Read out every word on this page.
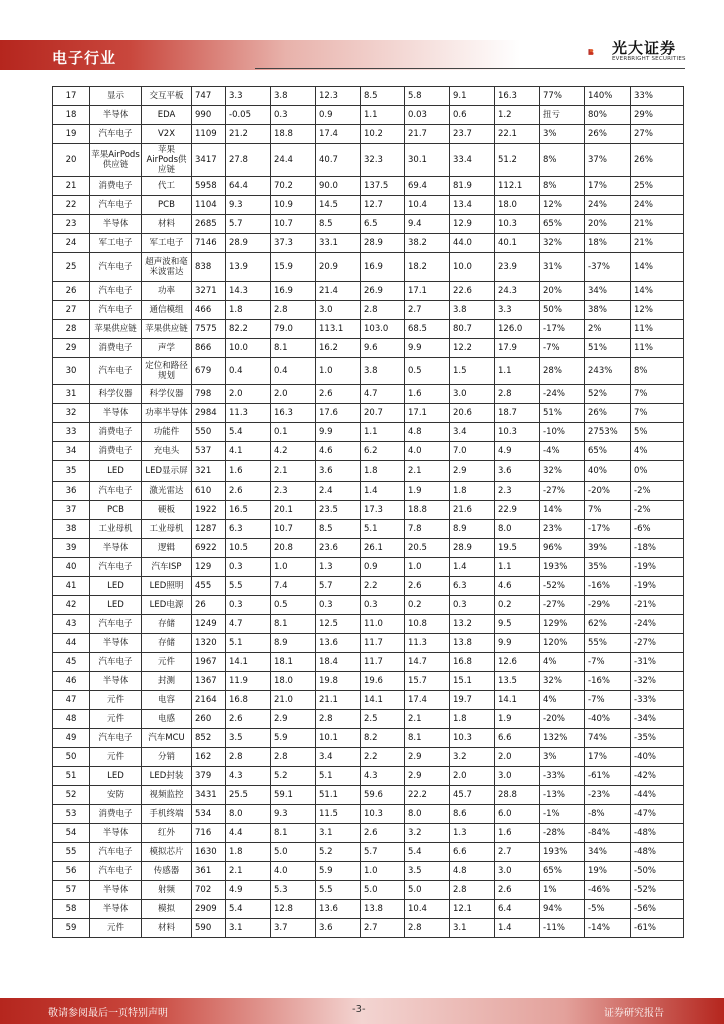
电子行业
光大证券
EVERBRIGHT SECURITIES
17	显示	交互平板	747	3.3	3.8	12.3	8.5	5.8	9.1	16.3	77%	140%	33%
18	半导体	EDA	990	-0.05	0.3	0.9	1.1	0.03	0.6	1.2	扭亏	80%	29%
19	汽车电子	V2X	1109	21.2	18.8	17.4	10.2	21.7	23.7	22.1	3%	26%	27%
20	苹果AirPods供应链	苹果AirPods供应链	3417	27.8	24.4	40.7	32.3	30.1	33.4	51.2	8%	37%	26%
21	消费电子	代工	5958	64.4	70.2	90.0	137.5	69.4	81.9	112.1	8%	17%	25%
22	汽车电子	PCB	1104	9.3	10.9	14.5	12.7	10.4	13.4	18.0	12%	24%	24%
23	半导体	材料	2685	5.7	10.7	8.5	6.5	9.4	12.9	10.3	65%	20%	21%
24	军工电子	军工电子	7146	28.9	37.3	33.1	28.9	38.2	44.0	40.1	32%	18%	21%
25	汽车电子	超声波和毫米波雷达	838	13.9	15.9	20.9	16.9	18.2	10.0	23.9	31%	-37%	14%
26	汽车电子	功率	3271	14.3	16.9	21.4	26.9	17.1	22.6	24.3	20%	34%	14%
27	汽车电子	通信模组	466	1.8	2.8	3.0	2.8	2.7	3.8	3.3	50%	38%	12%
28	苹果供应链	苹果供应链	7575	82.2	79.0	113.1	103.0	68.5	80.7	126.0	-17%	2%	11%
29	消费电子	声学	866	10.0	8.1	16.2	9.6	9.9	12.2	17.9	-7%	51%	11%
30	汽车电子	定位和路径规划	679	0.4	0.4	1.0	3.8	0.5	1.5	1.1	28%	243%	8%
31	科学仪器	科学仪器	798	2.0	2.0	2.6	4.7	1.6	3.0	2.8	-24%	52%	7%
32	半导体	功率半导体	2984	11.3	16.3	17.6	20.7	17.1	20.6	18.7	51%	26%	7%
33	消费电子	功能件	550	5.4	0.1	9.9	1.1	4.8	3.4	10.3	-10%	2753%	5%
34	消费电子	充电头	537	4.1	4.2	4.6	6.2	4.0	7.0	4.9	-4%	65%	4%
35	LED	LED显示屏	321	1.6	2.1	3.6	1.8	2.1	2.9	3.6	32%	40%	0%
36	汽车电子	激光雷达	610	2.6	2.3	2.4	1.4	1.9	1.8	2.3	-27%	-20%	-2%
37	PCB	硬板	1922	16.5	20.1	23.5	17.3	18.8	21.6	22.9	14%	7%	-2%
38	工业母机	工业母机	1287	6.3	10.7	8.5	5.1	7.8	8.9	8.0	23%	-17%	-6%
39	半导体	逻辑	6922	10.5	20.8	23.6	26.1	20.5	28.9	19.5	96%	39%	-18%
40	汽车电子	汽车ISP	129	0.3	1.0	1.3	0.9	1.0	1.4	1.1	193%	35%	-19%
41	LED	LED照明	455	5.5	7.4	5.7	2.2	2.6	6.3	4.6	-52%	-16%	-19%
42	LED	LED电源	26	0.3	0.5	0.3	0.3	0.2	0.3	0.2	-27%	-29%	-21%
43	汽车电子	存储	1249	4.7	8.1	12.5	11.0	10.8	13.2	9.5	129%	62%	-24%
44	半导体	存储	1320	5.1	8.9	13.6	11.7	11.3	13.8	9.9	120%	55%	-27%
45	汽车电子	元件	1967	14.1	18.1	18.4	11.7	14.7	16.8	12.6	4%	-7%	-31%
46	半导体	封测	1367	11.9	18.0	19.8	19.6	15.7	15.1	13.5	32%	-16%	-32%
47	元件	电容	2164	16.8	21.0	21.1	14.1	17.4	19.7	14.1	4%	-7%	-33%
48	元件	电感	260	2.6	2.9	2.8	2.5	2.1	1.8	1.9	-20%	-40%	-34%
49	汽车电子	汽车MCU	852	3.5	5.9	10.1	8.2	8.1	10.3	6.6	132%	74%	-35%
50	元件	分销	162	2.8	2.8	3.4	2.2	2.9	3.2	2.0	3%	17%	-40%
51	LED	LED封装	379	4.3	5.2	5.1	4.3	2.9	2.0	3.0	-33%	-61%	-42%
52	安防	视频监控	3431	25.5	59.1	51.1	59.6	22.2	45.7	28.8	-13%	-23%	-44%
53	消费电子	手机终端	534	8.0	9.3	11.5	10.3	8.0	8.6	6.0	-1%	-8%	-47%
54	半导体	红外	716	4.4	8.1	3.1	2.6	3.2	1.3	1.6	-28%	-84%	-48%
55	汽车电子	模拟芯片	1630	1.8	5.0	5.2	5.7	5.4	6.6	2.7	193%	34%	-48%
56	汽车电子	传感器	361	2.1	4.0	5.9	1.0	3.5	4.8	3.0	65%	19%	-50%
57	半导体	射频	702	4.9	5.3	5.5	5.0	5.0	2.8	2.6	1%	-46%	-52%
58	半导体	模拟	2909	5.4	12.8	13.6	13.8	10.4	12.1	6.4	94%	-5%	-56%
59	元件	材料	590	3.1	3.7	3.6	2.7	2.8	3.1	1.4	-11%	-14%	-61%
敬请参阅最后一页特别声明	-3-	证券研究报告
